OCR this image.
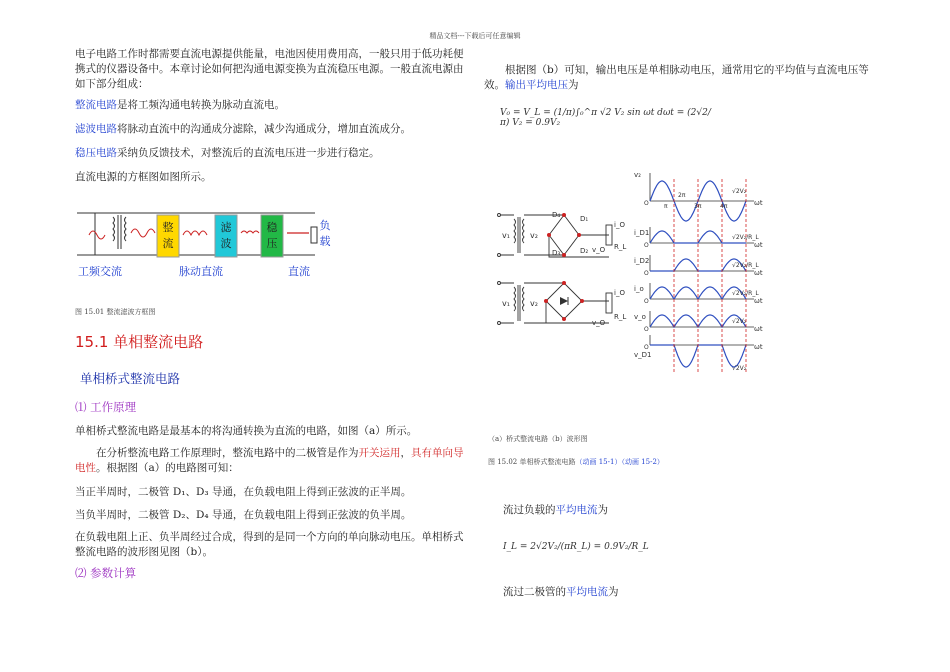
精品文档---下载后可任意编辑
电子电路工作时都需要直流电源提供能量，电池因使用费用高，一般只用于低功耗便携式的仪器设备中。本章讨论如何把沟通电源变换为直流稳压电源。一般直流电源由如下部分组成：
整流电路是将工频沟通电转换为脉动直流电。
滤波电路将脉动直流中的沟通成分滤除，减少沟通成分，增加直流成分。
稳压电路采纳负反馈技术，对整流后的直流电压进一步进行稳定。
直流电源的方框图如图所示。
整
流
滤
波
稳
压
负
载
工频交流	脉动直流	直流
图 15.01 整流滤波方框图
15.1 单相整流电路
单相桥式整流电路
⑴ 工作原理
单相桥式整流电路是最基本的将沟通转换为直流的电路，如图（a）所示。
在分析整流电路工作原理时，整流电路中的二极管是作为开关运用，具有单向导电性。根据图（a）的电路图可知：
当正半周时，二极管 D₁、D₃ 导通，在负载电阻上得到正弦波的正半周。
当负半周时，二极管 D₂、D₄ 导通，在负载电阻上得到正弦波的负半周。
在负载电阻上正、负半周经过合成，得到的是同一个方向的单向脉动电压。单相桥式整流电路的波形图见图（b）。
⑵ 参数计算
根据图（b）可知，输出电压是单相脉动电压，通常用它的平均值与直流电压等效。输出平均电压为
V₀ = V_L = (1/π)∫₀^π √2 V₂ sin ωt dωt = (2√2/π) V₂ = 0.9V₂
v₁	v₂
D₄	D₁
D₂
D₃
i_O
v_O R_L
v₁	v₂
i_O
v_O
R_L
v₂
i_D1
i_D2
i_o
v_o
v_D1
π
2π
3π	4π	ωt
ωt
ωt
ωt
ωt
ωt
O
O
O
O
O
O
√2V₂
√2V₂/R_L
√2V₂/R_L
√2V₂/R_L
√2V₂
√2V₂
（a）桥式整流电路（b）波形图
图 15.02 单相桥式整流电路（动画 15-1）（动画 15-2）
流过负载的平均电流为
I_L = 2√2V₂/(πR_L) = 0.9V₂/R_L
流过二极管的平均电流为
